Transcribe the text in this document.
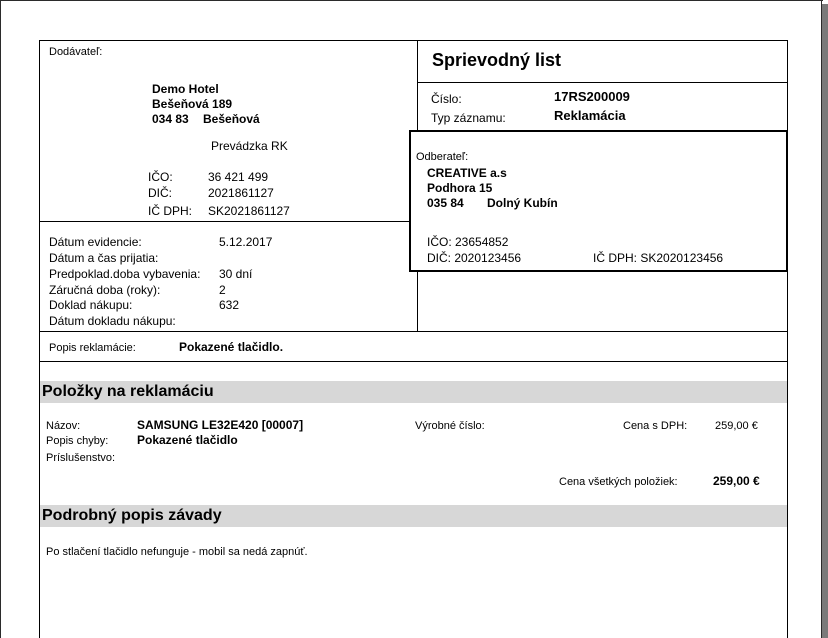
Dodávateľ:
Demo Hotel
Bešeňová 189
034 83 Bešeňová
Prevádzka RK
IČO:	36 421 499
DIČ:	2021861127
IČ DPH: SK2021861127
Sprievodný list
Číslo:	17RS200009
Typ záznamu:	Reklamácia
Odberateľ:
CREATIVE a.s
Podhora 15
035 84 Dolný Kubín
IČO: 23654852
DIČ: 2020123456	IČ DPH: SK2020123456
Dátum evidencie:	5.12.2017
Dátum a čas prijatia:
Predpoklad.doba vybavenia: 30 dní
Záručná doba (roky):	2
Doklad nákupu:	632
Dátum dokladu nákupu:
Popis reklamácie:	Pokazené tlačidlo.
Položky na reklamáciu
Názov:	SAMSUNG LE32E420 [00007]
Popis chyby: Pokazené tlačidlo
Príslušenstvo:
Výrobné číslo:	Cena s DPH:	259,00 €
Cena všetkých položiek:	259,00 €
Podrobný popis závady
Po stlačení tlačidlo nefunguje - mobil sa nedá zapnúť.
